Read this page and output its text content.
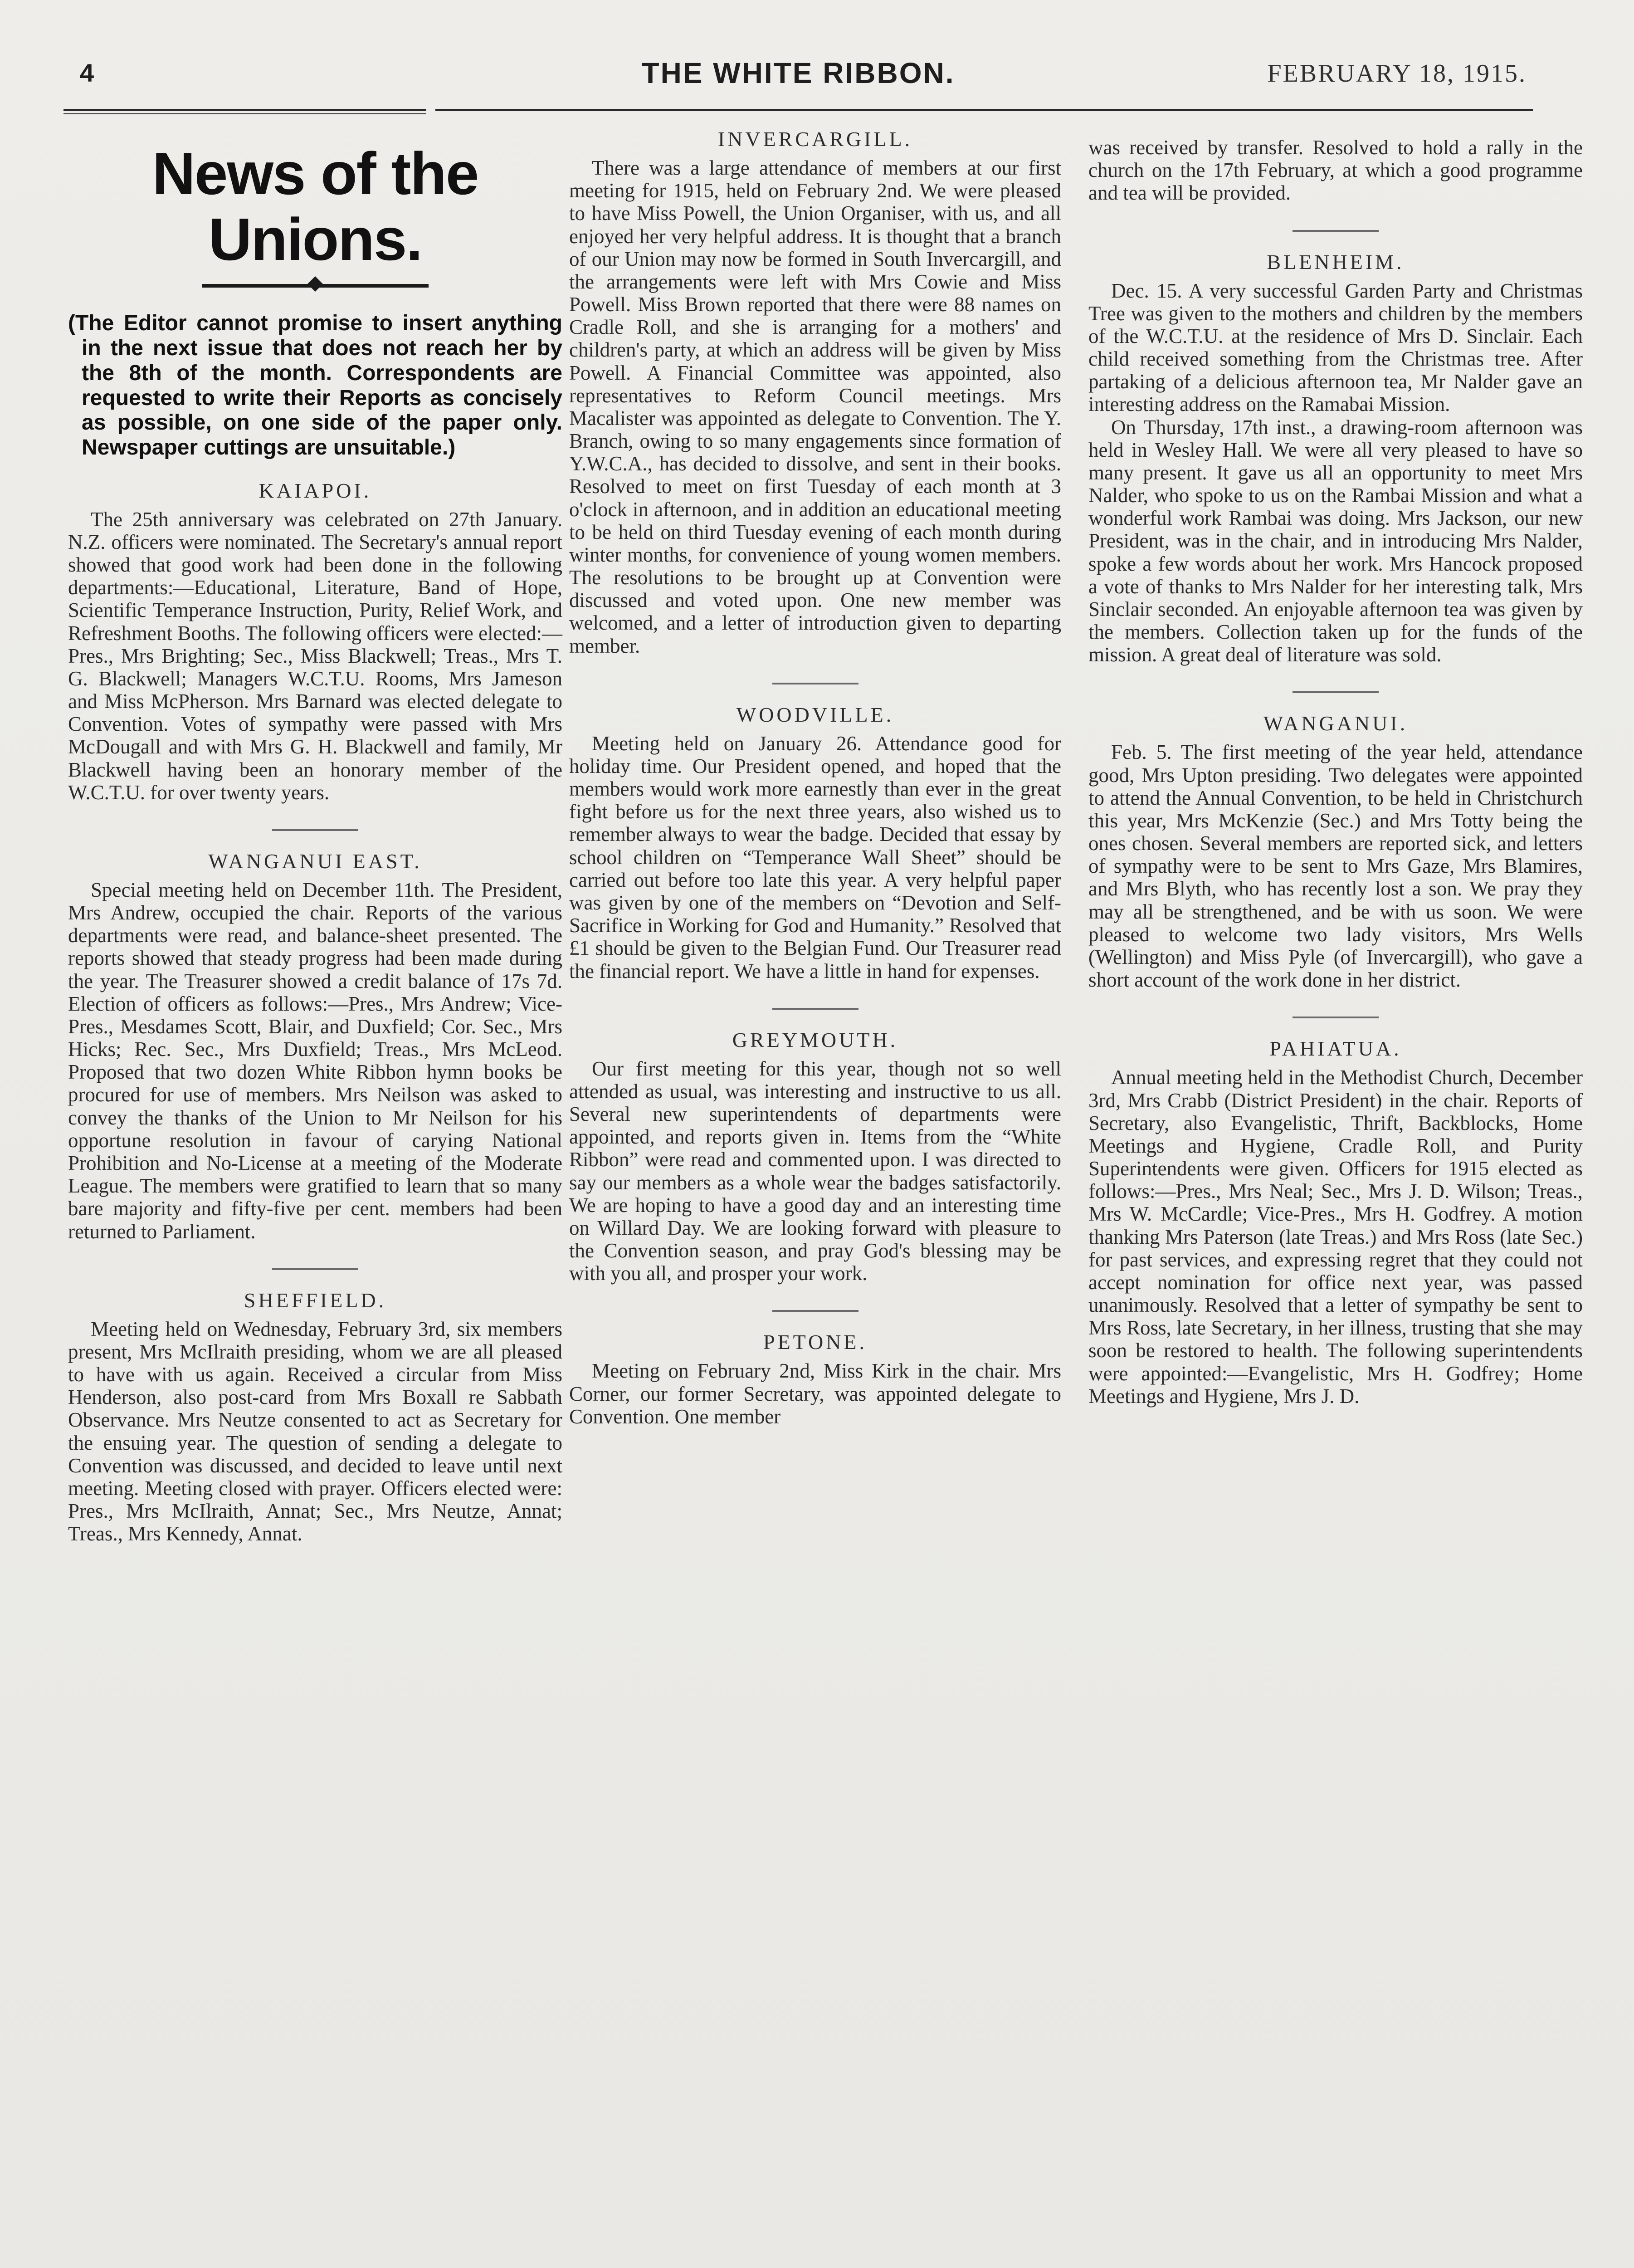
4	THE WHITE RIBBON.	FEBRUARY 18, 1915.
News of the Unions.

(The Editor cannot promise to insert anything in the next issue that does not reach her by the 8th of the month. Correspondents are requested to write their Reports as concisely as possible, on one side of the paper only. Newspaper cuttings are unsuitable.)

KAIAPOI.

The 25th anniversary was celebrated on 27th January. N.Z. officers were nominated. The Secretary's annual report showed that good work had been done in the following departments:—Educational, Literature, Band of Hope, Scientific Temperance Instruction, Purity, Relief Work, and Refreshment Booths. The following officers were elected:—Pres., Mrs Brighting; Sec., Miss Blackwell; Treas., Mrs T. G. Blackwell; Managers W.C.T.U. Rooms, Mrs Jameson and Miss McPherson. Mrs Barnard was elected delegate to Convention. Votes of sympathy were passed with Mrs McDougall and with Mrs G. H. Blackwell and family, Mr Blackwell having been an honorary member of the W.C.T.U. for over twenty years.

WANGANUI EAST.

Special meeting held on December 11th. The President, Mrs Andrew, occupied the chair. Reports of the various departments were read, and balance-sheet presented. The reports showed that steady progress had been made during the year. The Treasurer showed a credit balance of 17s 7d. Election of officers as follows:—Pres., Mrs Andrew; Vice-Pres., Mesdames Scott, Blair, and Duxfield; Cor. Sec., Mrs Hicks; Rec. Sec., Mrs Duxfield; Treas., Mrs McLeod. Proposed that two dozen White Ribbon hymn books be procured for use of members. Mrs Neilson was asked to convey the thanks of the Union to Mr Neilson for his opportune resolution in favour of carying National Prohibition and No-License at a meeting of the Moderate League. The members were gratified to learn that so many bare majority and fifty-five per cent. members had been returned to Parliament.

SHEFFIELD.

Meeting held on Wednesday, February 3rd, six members present, Mrs McIlraith presiding, whom we are all pleased to have with us again. Received a circular from Miss Henderson, also post-card from Mrs Boxall re Sabbath Observance. Mrs Neutze consented to act as Secretary for the ensuing year. The question of sending a delegate to Convention was discussed, and decided to leave until next meeting. Meeting closed with prayer. Officers elected were: Pres., Mrs McIlraith, Annat; Sec., Mrs Neutze, Annat; Treas., Mrs Kennedy, Annat.

INVERCARGILL.

There was a large attendance of members at our first meeting for 1915, held on February 2nd. We were pleased to have Miss Powell, the Union Organiser, with us, and all enjoyed her very helpful address. It is thought that a branch of our Union may now be formed in South Invercargill, and the arrangements were left with Mrs Cowie and Miss Powell. Miss Brown reported that there were 88 names on Cradle Roll, and she is arranging for a mothers' and children's party, at which an address will be given by Miss Powell. A Financial Committee was appointed, also representatives to Reform Council meetings. Mrs Macalister was appointed as delegate to Convention. The Y. Branch, owing to so many engagements since formation of Y.W.C.A., has decided to dissolve, and sent in their books. Resolved to meet on first Tuesday of each month at 3 o'clock in afternoon, and in addition an educational meeting to be held on third Tuesday evening of each month during winter months, for convenience of young women members. The resolutions to be brought up at Convention were discussed and voted upon. One new member was welcomed, and a letter of introduction given to departing member.

WOODVILLE.

Meeting held on January 26. Attendance good for holiday time. Our President opened, and hoped that the members would work more earnestly than ever in the great fight before us for the next three years, also wished us to remember always to wear the badge. Decided that essay by school children on “Temperance Wall Sheet” should be carried out before too late this year. A very helpful paper was given by one of the members on “Devotion and Self-Sacrifice in Working for God and Humanity.” Resolved that £1 should be given to the Belgian Fund. Our Treasurer read the financial report. We have a little in hand for expenses.

GREYMOUTH.

Our first meeting for this year, though not so well attended as usual, was interesting and instructive to us all. Several new superintendents of departments were appointed, and reports given in. Items from the “White Ribbon” were read and commented upon. I was directed to say our members as a whole wear the badges satisfactorily. We are hoping to have a good day and an interesting time on Willard Day. We are looking forward with pleasure to the Convention season, and pray God's blessing may be with you all, and prosper your work.

PETONE.

Meeting on February 2nd, Miss Kirk in the chair. Mrs Corner, our former Secretary, was appointed delegate to Convention. One member

was received by transfer. Resolved to hold a rally in the church on the 17th February, at which a good programme and tea will be provided.

BLENHEIM.

Dec. 15. A very successful Garden Party and Christmas Tree was given to the mothers and children by the members of the W.C.T.U. at the residence of Mrs D. Sinclair. Each child received something from the Christmas tree. After partaking of a delicious afternoon tea, Mr Nalder gave an interesting address on the Ramabai Mission.

On Thursday, 17th inst., a drawing-room afternoon was held in Wesley Hall. We were all very pleased to have so many present. It gave us all an opportunity to meet Mrs Nalder, who spoke to us on the Rambai Mission and what a wonderful work Rambai was doing. Mrs Jackson, our new President, was in the chair, and in introducing Mrs Nalder, spoke a few words about her work. Mrs Hancock proposed a vote of thanks to Mrs Nalder for her interesting talk, Mrs Sinclair seconded. An enjoyable afternoon tea was given by the members. Collection taken up for the funds of the mission. A great deal of literature was sold.

WANGANUI.

Feb. 5. The first meeting of the year held, attendance good, Mrs Upton presiding. Two delegates were appointed to attend the Annual Convention, to be held in Christchurch this year, Mrs McKenzie (Sec.) and Mrs Totty being the ones chosen. Several members are reported sick, and letters of sympathy were to be sent to Mrs Gaze, Mrs Blamires, and Mrs Blyth, who has recently lost a son. We pray they may all be strengthened, and be with us soon. We were pleased to welcome two lady visitors, Mrs Wells (Wellington) and Miss Pyle (of Invercargill), who gave a short account of the work done in her district.

PAHIATUA.

Annual meeting held in the Methodist Church, December 3rd, Mrs Crabb (District President) in the chair. Reports of Secretary, also Evangelistic, Thrift, Backblocks, Home Meetings and Hygiene, Cradle Roll, and Purity Superintendents were given. Officers for 1915 elected as follows:—Pres., Mrs Neal; Sec., Mrs J. D. Wilson; Treas., Mrs W. McCardle; Vice-Pres., Mrs H. Godfrey. A motion thanking Mrs Paterson (late Treas.) and Mrs Ross (late Sec.) for past services, and expressing regret that they could not accept nomination for office next year, was passed unanimously. Resolved that a letter of sympathy be sent to Mrs Ross, late Secretary, in her illness, trusting that she may soon be restored to health. The following superintendents were appointed:—Evangelistic, Mrs H. Godfrey; Home Meetings and Hygiene, Mrs J. D.
